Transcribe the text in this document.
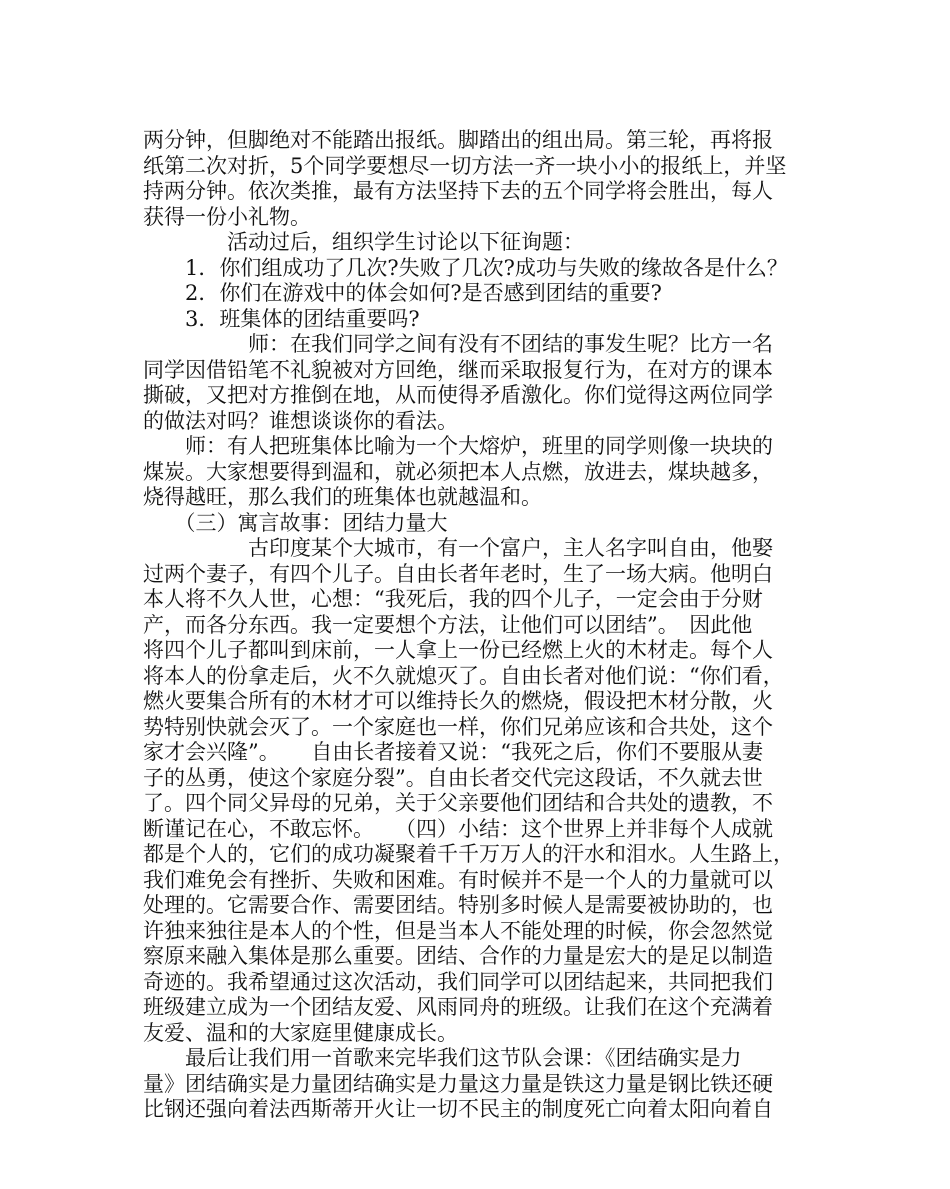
两分钟，但脚绝对不能踏出报纸。脚踏出的组出局。第三轮，再将报
纸第二次对折，5个同学要想尽一切方法一齐一块小小的报纸上，并坚
持两分钟。依次类推，最有方法坚持下去的五个同学将会胜出，每人
获得一份小礼物。
　　　　活动过后，组织学生讨论以下征询题：
　　1．你们组成功了几次?失败了几次?成功与失败的缘故各是什么？
　　2．你们在游戏中的体会如何?是否感到团结的重要?
　　3．班集体的团结重要吗?
　　　　　师：在我们同学之间有没有不团结的事发生呢？比方一名
同学因借铅笔不礼貌被对方回绝，继而采取报复行为，在对方的课本
撕破，又把对方推倒在地，从而使得矛盾激化。你们觉得这两位同学
的做法对吗？谁想谈谈你的看法。
　　师：有人把班集体比喻为一个大熔炉，班里的同学则像一块块的
煤炭。大家想要得到温和，就必须把本人点燃，放进去，煤块越多，
烧得越旺，那么我们的班集体也就越温和。
　　（三）寓言故事：团结力量大
　　　　　古印度某个大城市，有一个富户，主人名字叫自由，他娶
过两个妻子，有四个儿子。自由长者年老时，生了一场大病。他明白
本人将不久人世，心想：“我死后，我的四个儿子，一定会由于分财
产，而各分东西。我一定要想个方法，让他们可以团结”。　因此他
将四个儿子都叫到床前，一人拿上一份已经燃上火的木材走。每个人
将本人的份拿走后，火不久就熄灭了。自由长者对他们说：“你们看，
燃火要集合所有的木材才可以维持长久的燃烧，假设把木材分散，火
势特别快就会灭了。一个家庭也一样，你们兄弟应该和合共处，这个
家才会兴隆”。　　自由长者接着又说：“我死之后，你们不要服从妻
子的丛勇，使这个家庭分裂”。自由长者交代完这段话，不久就去世
了。四个同父异母的兄弟，关于父亲要他们团结和合共处的遗教，不
断谨记在心，不敢忘怀。　　（四）小结：这个世界上并非每个人成就
都是个人的，它们的成功凝聚着千千万万人的汗水和泪水。人生路上，
我们难免会有挫折、失败和困难。有时候并不是一个人的力量就可以
处理的。它需要合作、需要团结。特别多时候人是需要被协助的，也
许独来独往是本人的个性，但是当本人不能处理的时候，你会忽然觉
察原来融入集体是那么重要。团结、合作的力量是宏大的是足以制造
奇迹的。我希望通过这次活动，我们同学可以团结起来，共同把我们
班级建立成为一个团结友爱、风雨同舟的班级。让我们在这个充满着
友爱、温和的大家庭里健康成长。
　　最后让我们用一首歌来完毕我们这节队会课：《团结确实是力
量》团结确实是力量团结确实是力量这力量是铁这力量是钢比铁还硬
比钢还强向着法西斯蒂开火让一切不民主的制度死亡向着太阳向着自
